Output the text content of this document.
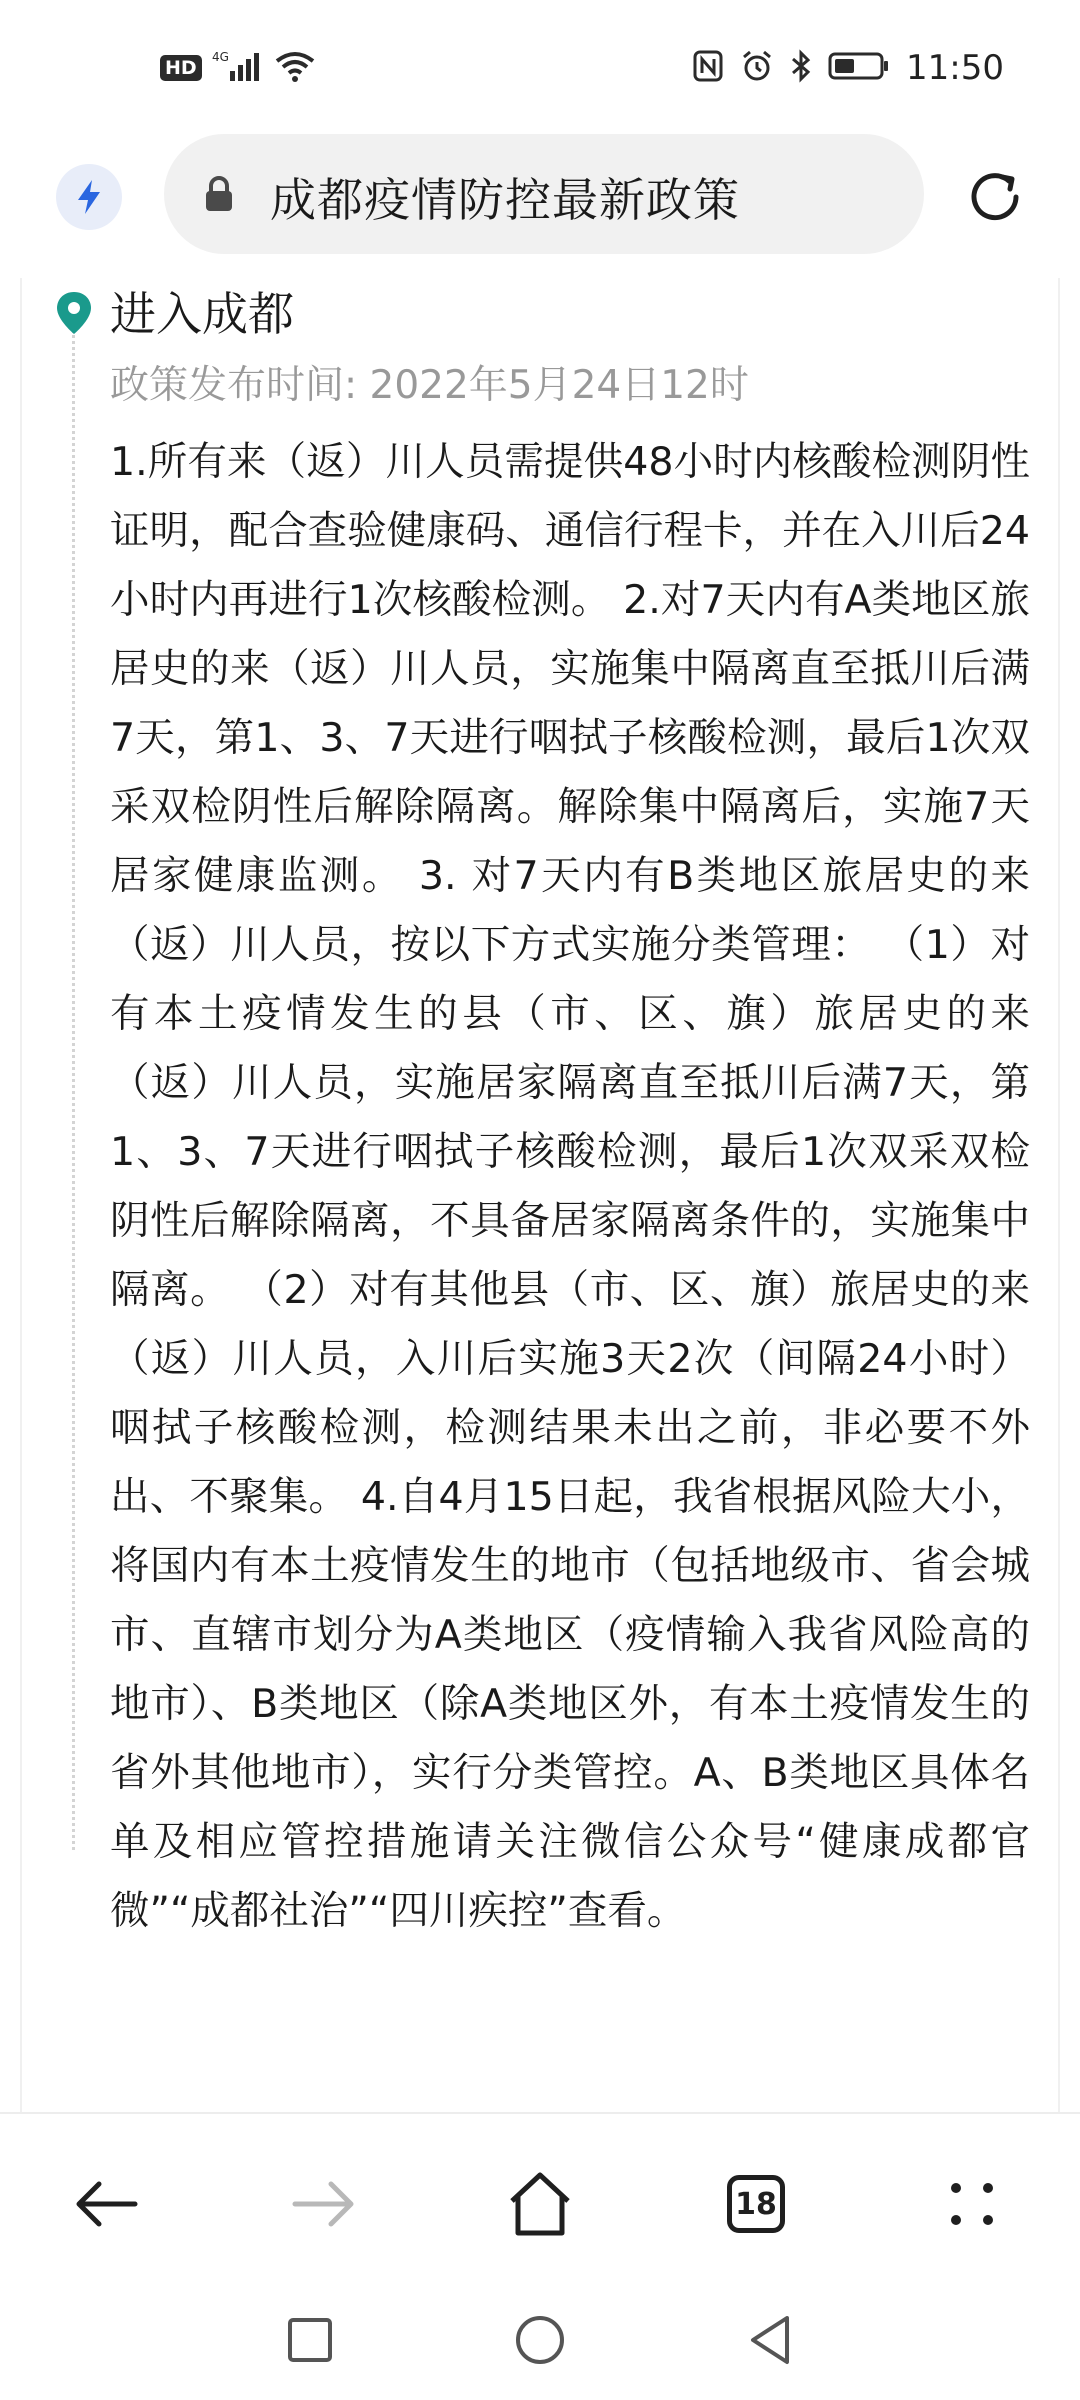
HD	4G	11:50
成都疫情防控最新政策
进入成都
政策发布时间: 2022年5月24日12时
1.所有来（返）川人员需提供48小时内核酸检测阴性证明，配合查验健康码、通信行程卡，并在入川后24小时内再进行1次核酸检测。 2.对7天内有A类地区旅居史的来（返）川人员，实施集中隔离直至抵川后满7天，第1、3、7天进行咽拭子核酸检测，最后1次双采双检阴性后解除隔离。解除集中隔离后，实施7天居家健康监测。 3. 对7天内有B类地区旅居史的来（返）川人员，按以下方式实施分类管理： （1）对有本土疫情发生的县（市、区、旗）旅居史的来（返）川人员，实施居家隔离直至抵川后满7天，第1、3、7天进行咽拭子核酸检测，最后1次双采双检阴性后解除隔离，不具备居家隔离条件的，实施集中隔离。 （2）对有其他县（市、区、旗）旅居史的来（返）川人员，入川后实施3天2次（间隔24小时）咽拭子核酸检测，检测结果未出之前，非必要不外出、不聚集。 4.自4月15日起，我省根据风险大小，将国内有本土疫情发生的地市（包括地级市、省会城市、直辖市划分为A类地区（疫情输入我省风险高的地市）、B类地区（除A类地区外，有本土疫情发生的省外其他地市），实行分类管控。A、B类地区具体名单及相应管控措施请关注微信公众号“健康成都官微”“成都社治”“四川疾控”查看。
18
